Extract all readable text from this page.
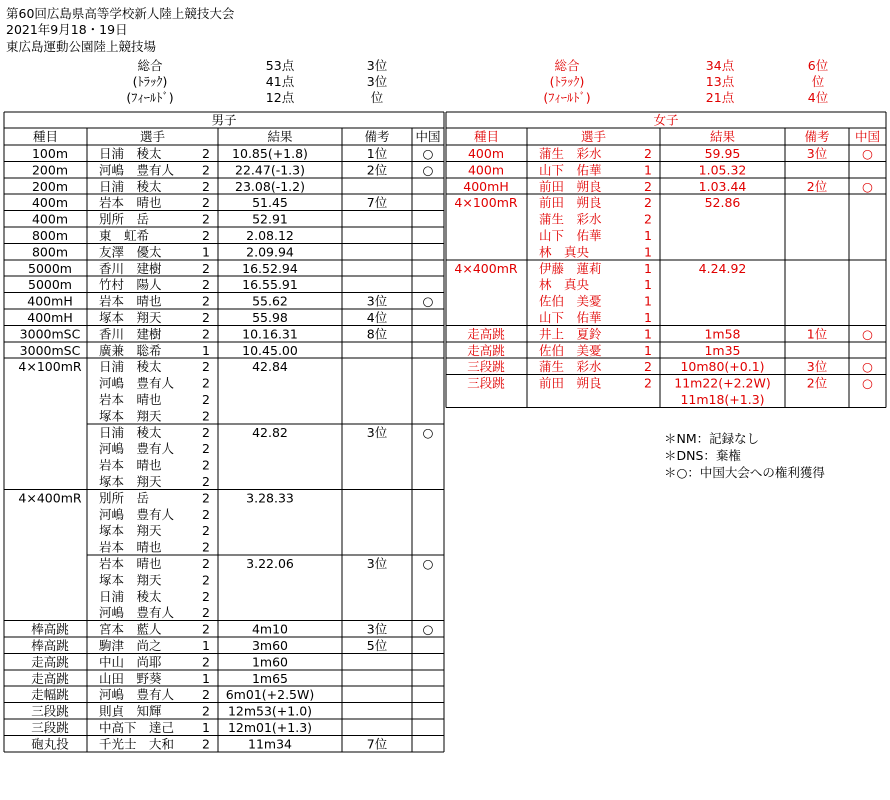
第60回広島県高等学校新人陸上競技大会
2021年9月18・19日
東広島運動公園陸上競技場
総合	53点	3位
(ﾄﾗｯｸ)	41点	3位
(ﾌｨｰﾙﾄﾞ)	12点	位
総合	34点	6位
(ﾄﾗｯｸ)	13点	位
(ﾌｨｰﾙﾄﾞ)	21点	4位
男子
種目	選手	結果	備考 中国
100m 日浦　稜太	2 10.85(+1.8)	1位	○
200m 河嶋　豊有人 2 22.47(-1.3)	2位	○
200m 日浦　稜太	2 23.08(-1.2)
400m 岩本　晴也	2	51.45	7位
400m 別所　岳	2	52.91
800m 東　虹希	2	2.08.12
800m 友澤　優太	1	2.09.94
5000m 香川　建樹	2	16.52.94
5000m 竹村　陽人	2	16.55.91
400mH 岩本　晴也	2	55.62	3位	○
400mH 塚本　翔天	2	55.98	4位
3000mSC 香川　建樹	2	10.16.31	8位
3000mSC 廣兼　聡希	1	10.45.00
4×100mR 日浦　稜太	2	42.84
河嶋　豊有人 2
岩本　晴也	2
塚本　翔天	2
日浦　稜太	2	42.82	3位	○
河嶋　豊有人 2
岩本　晴也	2
塚本　翔天	2
4×400mR 別所　岳	2	3.28.33
河嶋　豊有人 2
塚本　翔天	2
岩本　晴也	2
岩本　晴也	2	3.22.06	3位	○
塚本　翔天	2
日浦　稜太	2
河嶋　豊有人 2
棒高跳 宮本　藍人	2	4m10	3位	○
棒高跳 駒津　尚之	1	3m60	5位
走高跳 中山　尚耶	2	1m60
走高跳 山田　野葵	1	1m65
走幅跳 河嶋　豊有人 2 6m01(+2.5W)
三段跳 則貞　知輝	2 12m53(+1.0)
三段跳 中高下　達己 1 12m01(+1.3)
砲丸投 千光士　大和 2	11m34	7位
女子
種目	選手	結果	備考 中国
400m	蒲生　彩水	2	59.95	3位	○
400m	山下　佑華	1	1.05.32
400mH 前田　朔良	2	1.03.44	2位	○
4×100mR 前田　朔良	2	52.86
蒲生　彩水	2
山下　佑華	1
林　真央	1
4×400mR 伊藤　蓮莉	1	4.24.92
林　真央	1
佐伯　美憂	1
山下　佑華	1
走高跳	井上　夏鈴	1	1m58	1位	○
走高跳	佐伯　美憂	1	1m35
三段跳	蒲生　彩水	2 10m80(+0.1)	3位	○
三段跳	前田　朔良	2 11m22(+2.2W)	2位	○
11m18(+1.3)
＊NM：記録なし
＊DNS：棄権
＊○：中国大会への権利獲得
